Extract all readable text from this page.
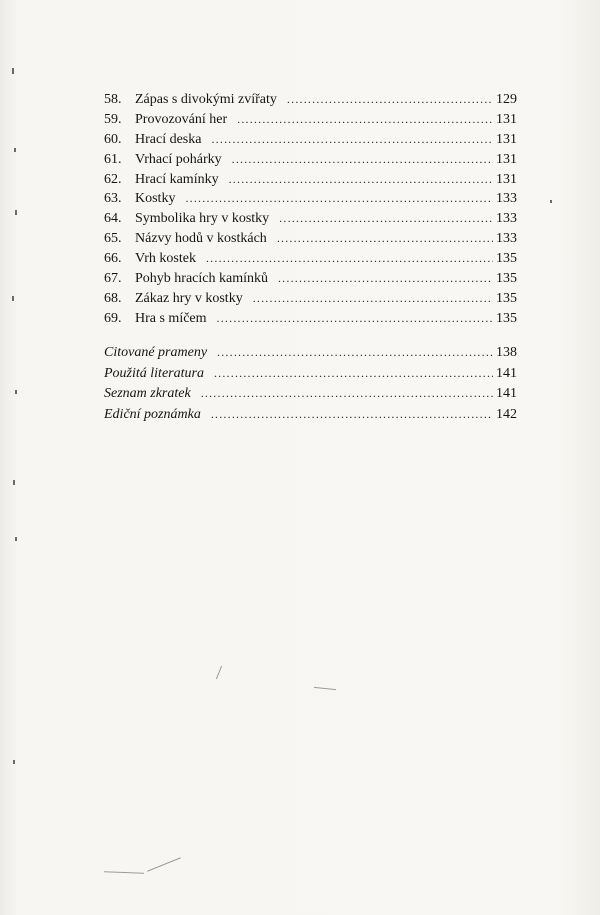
58. Zápas s divokými zvířaty .....	129
59. Provozování her .....	131
60. Hrací deska .....	131
61. Vrhací pohárky .....	131
62. Hrací kamínky .....	131
63. Kostky .....	133
64. Symbolika hry v kostky .....	133
65. Názvy hodů v kostkách .....	133
66. Vrh kostek .....	135
67. Pohyb hracích kamínků .....	135
68. Zákaz hry v kostky .....	135
69. Hra s míčem .....	135
Citované prameny .....	138
Použitá literatura .....	141
Seznam zkratek .....	141
Ediční poznámka .....	142
